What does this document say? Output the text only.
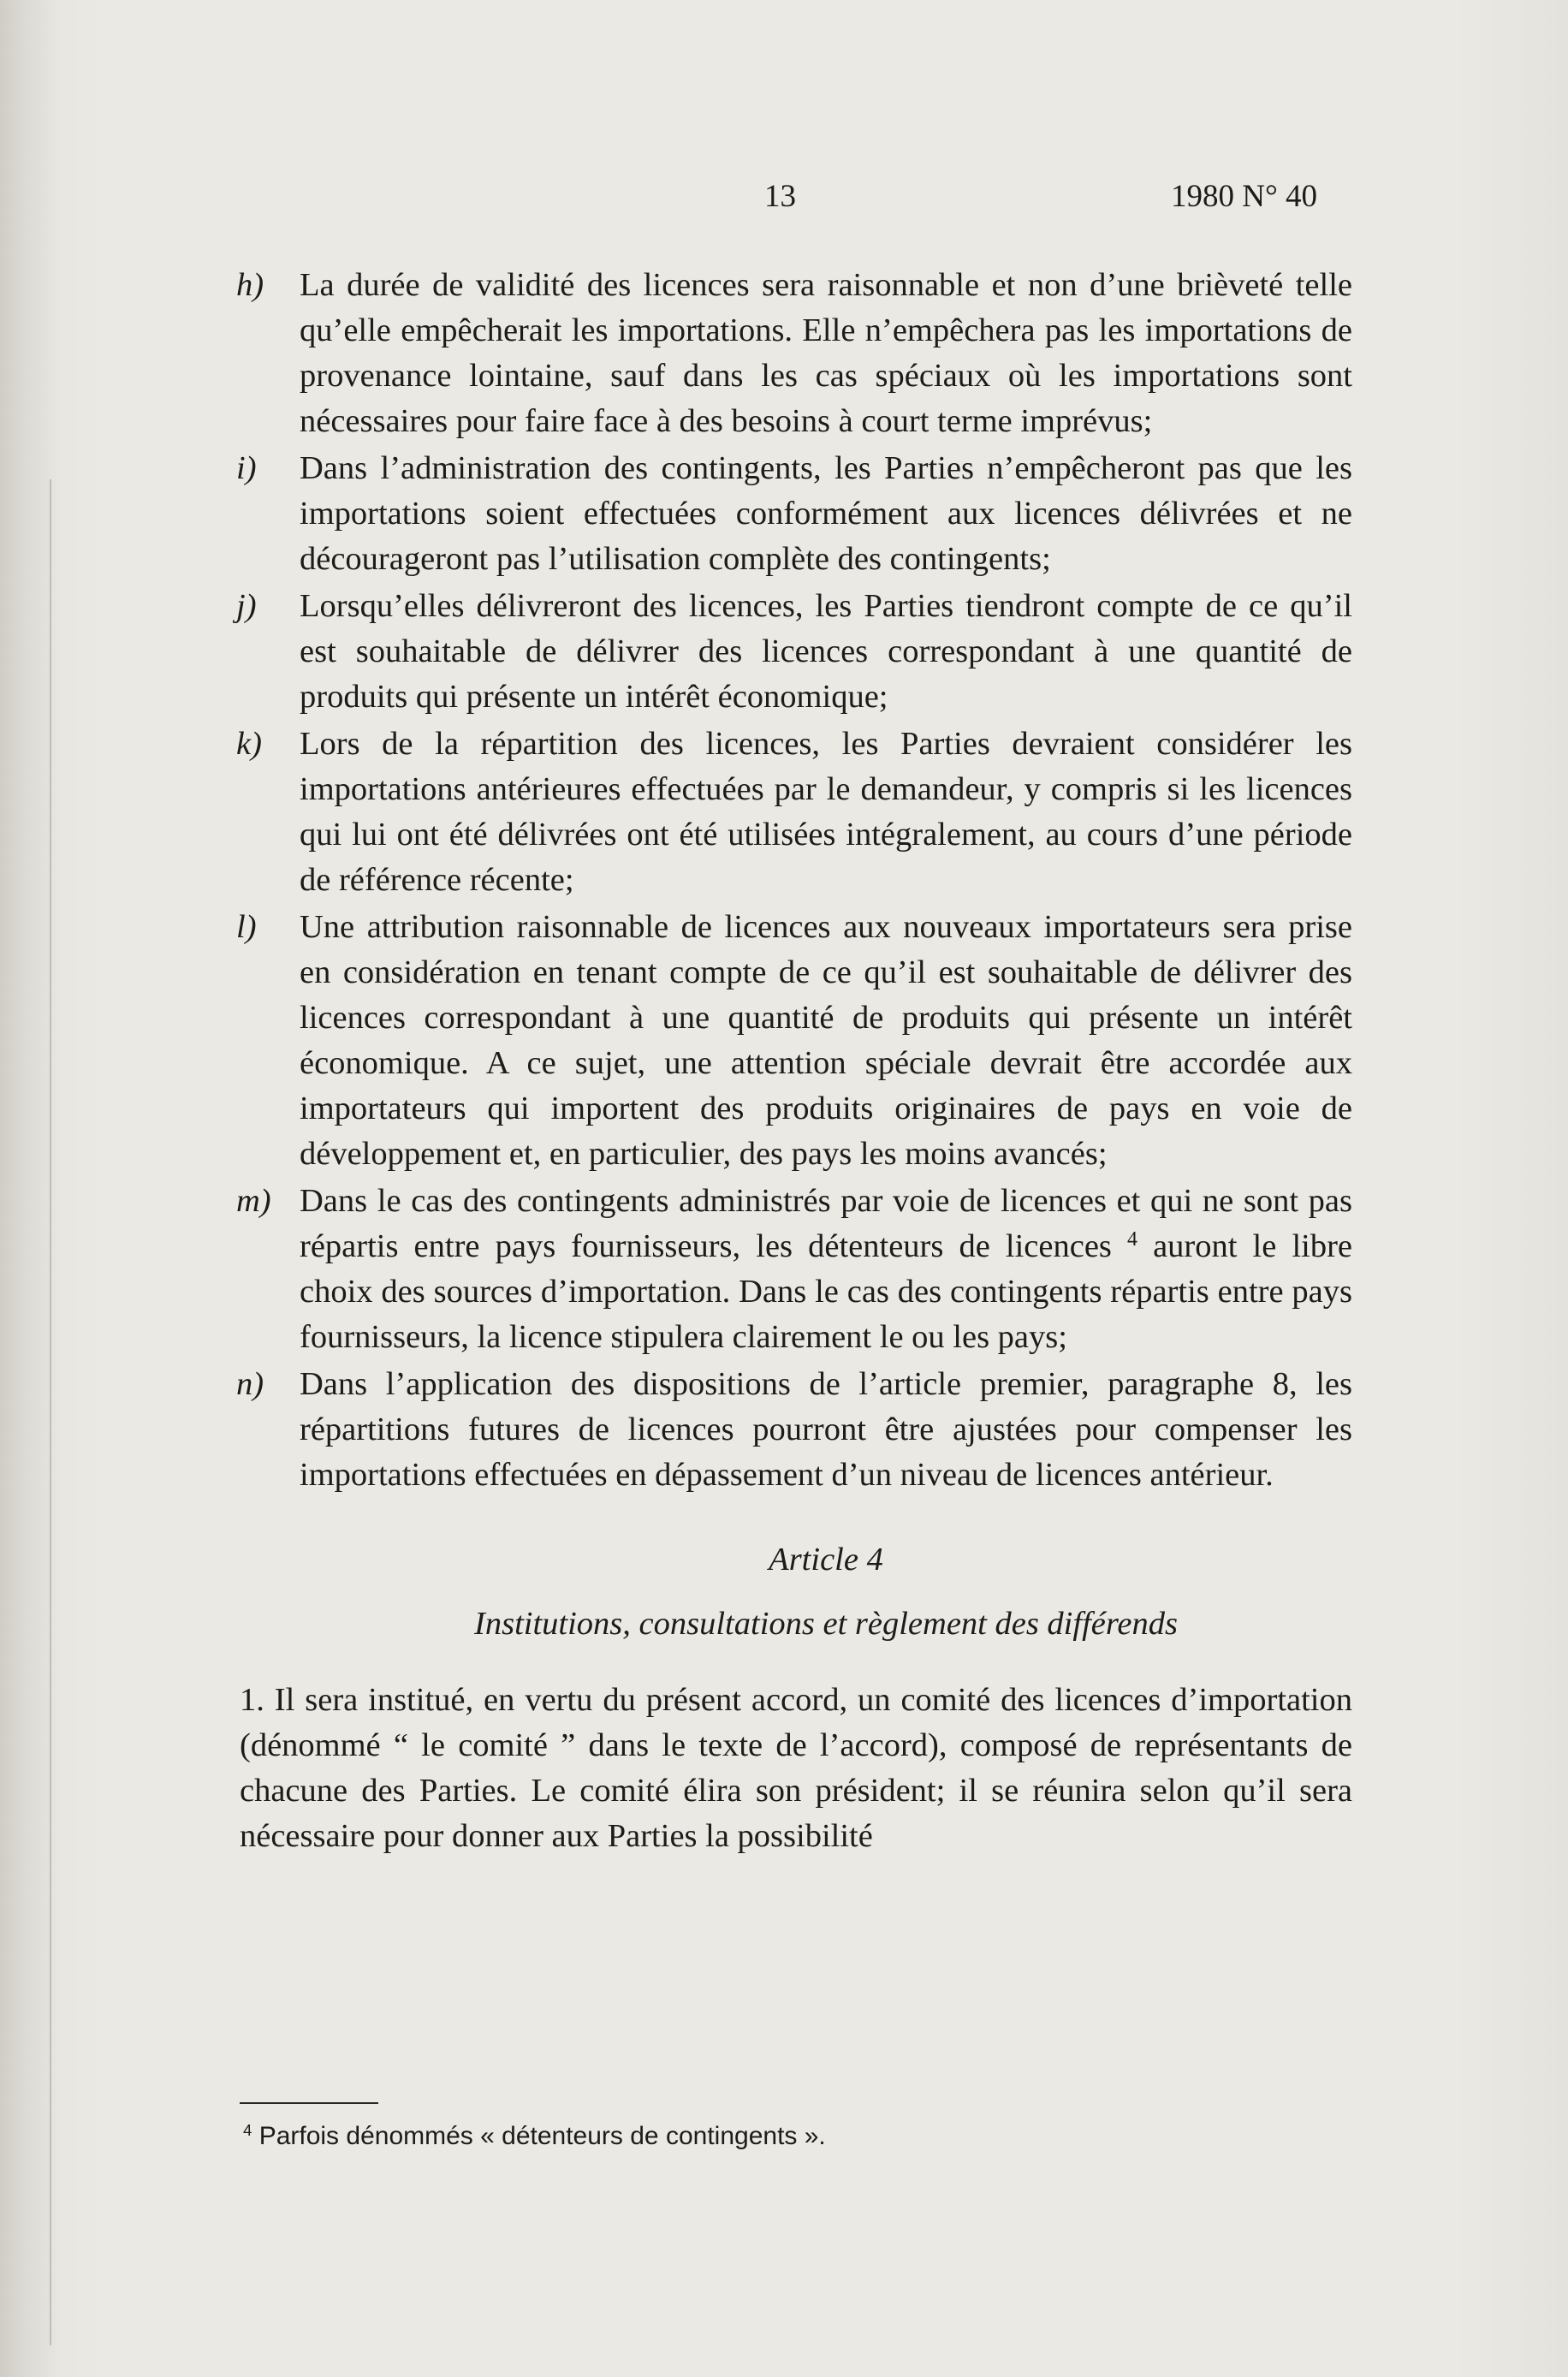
13	1980 N° 40
h)	La durée de validité des licences sera raisonnable et non d’une brièveté telle qu’elle empêcherait les importations. Elle n’empêchera pas les importations de provenance lointaine, sauf dans les cas spéciaux où les importations sont nécessaires pour faire face à des besoins à court terme imprévus;
i)	Dans l’administration des contingents, les Parties n’empêcheront pas que les importations soient effectuées conformément aux licences délivrées et ne décourageront pas l’utilisation complète des contingents;
j)	Lorsqu’elles délivreront des licences, les Parties tiendront compte de ce qu’il est souhaitable de délivrer des licences correspondant à une quantité de produits qui présente un intérêt économique;
k)	Lors de la répartition des licences, les Parties devraient considérer les importations antérieures effectuées par le demandeur, y compris si les licences qui lui ont été délivrées ont été utilisées intégralement, au cours d’une période de référence récente;
l)	Une attribution raisonnable de licences aux nouveaux importateurs sera prise en considération en tenant compte de ce qu’il est souhaitable de délivrer des licences correspondant à une quantité de produits qui présente un intérêt économique. A ce sujet, une attention spéciale devrait être accordée aux importateurs qui importent des produits originaires de pays en voie de développement et, en particulier, des pays les moins avancés;
m) Dans le cas des contingents administrés par voie de licences et qui ne sont pas répartis entre pays fournisseurs, les détenteurs de licences $^4$ auront le libre choix des sources d’importation. Dans le cas des contingents répartis entre pays fournisseurs, la licence stipulera clairement le ou les pays;
n)	Dans l’application des dispositions de l’article premier, paragraphe 8, les répartitions futures de licences pourront être ajustées pour compenser les importations effectuées en dépassement d’un niveau de licences antérieur.
Article 4
Institutions, consultations et règlement des différends
1. Il sera institué, en vertu du présent accord, un comité des licences d’importation (dénommé “ le comité ” dans le texte de l’accord), composé de représentants de chacune des Parties. Le comité élira son président; il se réunira selon qu’il sera nécessaire pour donner aux Parties la possibilité
$^4$ Parfois dénommés « détenteurs de contingents ».
